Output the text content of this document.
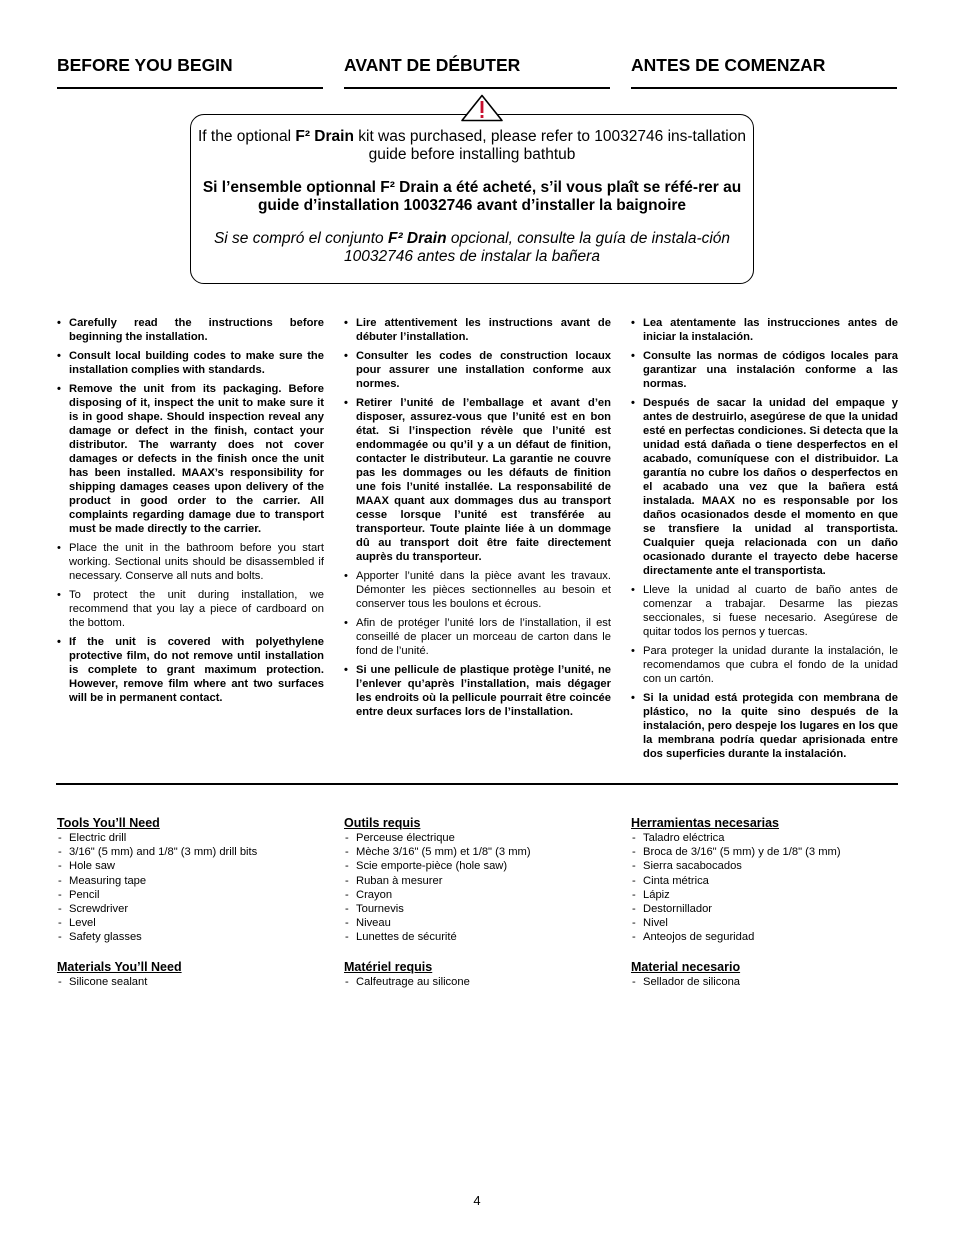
BEFORE YOU BEGIN	AVANT DE DÉBUTER	ANTES DE COMENZAR
If the optional F² Drain kit was purchased, please refer to 10032746 ins-tallation guide before installing bathtub
Si l’ensemble optionnal F² Drain a été acheté, s’il vous plaît se réfé-rer au guide d’installation 10032746 avant d’installer la baignoire
Si se compró el conjunto F² Drain opcional, consulte la guía de instala-ción 10032746 antes de instalar la bañera
• Carefully read the instructions before beginning the installation.
• Consult local building codes to make sure the installation complies with standards.
• Remove the unit from its packaging. Before disposing of it, inspect the unit to make sure it is in good shape. Should inspection reveal any damage or defect in the finish, contact your distributor. The warranty does not cover damages or defects in the finish once the unit has been installed. MAAX’s responsibility for shipping damages ceases upon delivery of the product in good order to the carrier. All complaints regarding damage due to transport must be made directly to the carrier.
• Place the unit in the bathroom before you start working. Sectional units should be disassembled if necessary. Conserve all nuts and bolts.
• To protect the unit during installation, we recommend that you lay a piece of cardboard on the bottom.
• If the unit is covered with polyethylene protective film, do not remove until installation is complete to grant maximum protection. However, remove film where ant two surfaces will be in permanent contact.
• Lire attentivement les instructions avant de débuter l’installation.
• Consulter les codes de construction locaux pour assurer une installation conforme aux normes.
• Retirer l’unité de l’emballage et avant d’en disposer, assurez-vous que l’unité est en bon état. Si l’inspection révèle que l’unité est endommagée ou qu’il y a un défaut de finition, contacter le distributeur. La garantie ne couvre pas les dommages ou les défauts de finition une fois l’unité installée. La responsabilité de MAAX quant aux dommages dus au transport cesse lorsque l’unité est transférée au transporteur. Toute plainte liée à un dommage dû au transport doit être faite directement auprès du transporteur.
• Apporter l’unité dans la pièce avant les travaux. Démonter les pièces sectionnelles au besoin et conserver tous les boulons et écrous.
• Afin de protéger l’unité lors de l’installation, il est conseillé de placer un morceau de carton dans le fond de l’unité.
• Si une pellicule de plastique protège l’unité, ne l’enlever qu’après l’installation, mais dégager les endroits où la pellicule pourrait être coincée entre deux surfaces lors de l’installation.
• Lea atentamente las instrucciones antes de iniciar la instalación.
• Consulte las normas de códigos locales para garantizar una instalación conforme a las normas.
• Después de sacar la unidad del empaque y antes de destruirlo, asegúrese de que la unidad esté en perfectas condiciones. Si detecta que la unidad está dañada o tiene desperfectos en el acabado, comuníquese con el distribuidor. La garantía no cubre los daños o desperfectos en el acabado una vez que la bañera está instalada. MAAX no es responsable por los daños ocasionados desde el momento en que se transfiere la unidad al transportista. Cualquier queja relacionada con un daño ocasionado durante el trayecto debe hacerse directamente ante el transportista.
• Lleve la unidad al cuarto de baño antes de comenzar a trabajar. Desarme las piezas seccionales, si fuese necesario. Asegúrese de quitar todos los pernos y tuercas.
• Para proteger la unidad durante la instalación, le recomendamos que cubra el fondo de la unidad con un cartón.
• Si la unidad está protegida con membrana de plástico, no la quite sino después de la instalación, pero despeje los lugares en los que la membrana podría quedar aprisionada entre dos superficies durante la instalación.
Tools You’ll Need
- Electric drill
- 3/16" (5 mm) and 1/8" (3 mm) drill bits
- Hole saw
- Measuring tape
- Pencil
- Screwdriver
- Level
- Safety glasses
Materials You’ll Need
- Silicone sealant
Outils requis
- Perceuse électrique
- Mèche 3/16" (5 mm) et 1/8" (3 mm)
- Scie emporte-pièce (hole saw)
- Ruban à mesurer
- Crayon
- Tournevis
- Niveau
- Lunettes de sécurité
Matériel requis
- Calfeutrage au silicone
Herramientas necesarias
- Taladro eléctrica
- Broca de 3/16" (5 mm) y de 1/8" (3 mm)
- Sierra sacabocados
- Cinta métrica
- Lápiz
- Destornillador
- Nivel
- Anteojos de seguridad
Material necesario
- Sellador de silicona
4
